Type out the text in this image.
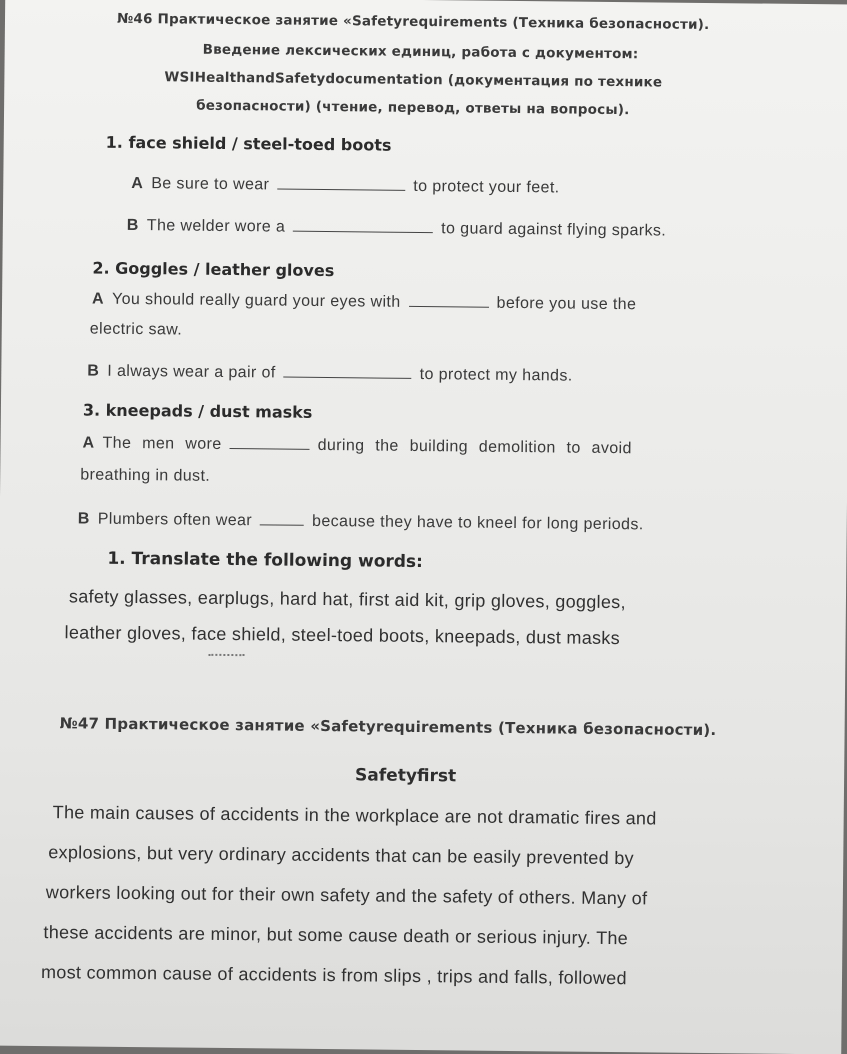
№46 Практическое занятие «Safetyrequirements (Техника безопасности).

Введение лексических единиц, работа с документом:

WSIHealthandSafetydocumentation (документация по технике

безопасности) (чтение, перевод, ответы на вопросы).

1. face shield / steel-toed boots

A Be sure to wear	to protect your feet.

B The welder wore a	to guard against flying sparks.

2. Goggles / leather gloves

A You should really guard your eyes with	before you use the

electric saw.

B I always wear a pair of	to protect my hands.

3. kneepads / dust masks

A The men wore	during the building demolition to avoid

breathing in dust.

B Plumbers often wear	because they have to kneel for long periods.

1. Translate the following words:

safety glasses, earplugs, hard hat, first aid kit, grip gloves, goggles,

leather gloves, face shield, steel-toed boots, kneepads, dust masks

№47 Практическое занятие «Safetyrequirements (Техника безопасности).

Safetyfirst

The main causes of accidents in the workplace are not dramatic fires and

explosions, but very ordinary accidents that can be easily prevented by

workers looking out for their own safety and the safety of others. Many of

these accidents are minor, but some cause death or serious injury. The

most common cause of accidents is from slips , trips and falls, followed
